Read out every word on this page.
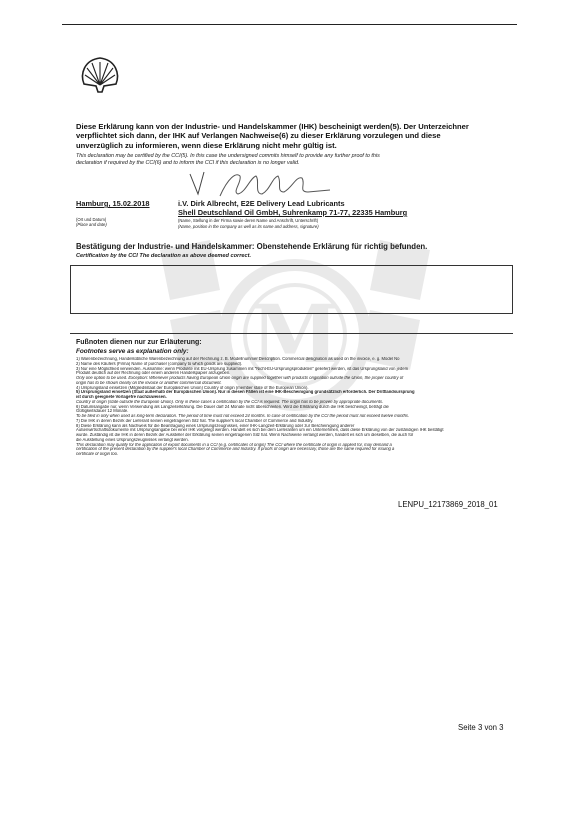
M
Diese Erklärung kann von der Industrie- und Handelskammer (IHK) bescheinigt werden(5). Der Unterzeichner
verpflichtet sich dann, der IHK auf Verlangen Nachweise(6) zu dieser Erklärung vorzulegen und diese
unverzüglich zu informieren, wenn diese Erklärung nicht mehr gültig ist.
This declaration may be certified by the CCI(5). In this case the undersigned commits himself to provide any further proof to this
declaration if required by the CCI(6) and to inform the CCI if this declaration is no longer valid.
Hamburg, 15.02.2018
(Ort und Datum)
(Place and date)
i.V. Dirk Albrecht, E2E Delivery Lead Lubricants
Shell Deutschland Oil GmbH, Suhrenkamp 71-77, 22335 Hamburg
(Name, Stellung in der Firma sowie deren Name und Anschrift, Unterschrift)
(Name, position in the company as well as its name and address, signature)
Bestätigung der Industrie- und Handelskammer: Obenstehende Erklärung für richtig befunden.
Certification by the CCI The declaration as above deemed correct.
Fußnoten dienen nur zur Erläuterung:
Footnotes serve as explanation only:
1) Warenbezeichnung, Handelsübliche Warenbezeichnung auf der Rechnung z. B. Modellnummer Description. Commercial designation as used on the invoice, e. g. Model No
2) Name des Käufers (Firma) Name of purchaser (company to which goods are supplied).
3) Nur eine Möglichkeit verwenden. Ausnahme: wenn Produkte mit EU-Ursprung zusammen mit "Nicht-EU-Ursprungsprodukten" geliefert werden, ist das Ursprungsland von jedem
Produkt deutlich auf der Rechnung oder einem anderen Handelspapier anzugeben.
Only one option to be used. Exception: Whenever products having European Union origin are supplied together with products origination outside the Union, the proper country of
origin has to be shown clearly on the invoice or another commercial document.
4) Ursprungsland einsetzen (Mitgliedsstaat der Europäischen Union) Country of origin (member state of the European Union).
5) Ursprungsland einsetzen (Staat außerhalb der Europäischen Union). Nur in diesen Fällen ist eine IHK-Bescheinigung grundsätzlich erforderlich. Der Drittlandsursprung
ist durch geeignete Vorlagefre nachzuweisen.
Country of origin (state outside the European Union). Only in these cases a certification by the CCI is required. The origin has to be proven by appropriate documents.
6) Datumsangabe nur, wenn Verwendung als Langzeiterklärung. Die Dauer darf 24 Monate nicht überschreiten. Wird die Erklärung durch die IHK bescheinigt, beträgt die
Gültigkeitsdauer 12 Monate.
To be filed in only when used as long-term declaration. The period of time must not exceed 24 months. In case of certification by the CCI the period must not exceed twelve months.
7) Die IHK in deren Bezirk der Lieferant seinen eingetragenen Sitz hat. The supplier's local Chamber of Commerce and Industry.
8) Diese Erklärung kann als Nachweis für die Beantragung eines Ursprungszeugnisses, einer IHK-Langzeit-Erklärung oder zur Bescheinigung anderer
Außenwirtschaftsdokumente mit Ursprungsangabe bei einer IHK vorgelegt werden. Handelt es sich bei dem Lieferanten um ein Unternehmen, dass diese Erklärung von der zuständigen IHK bestätigt
wurde. Zuständig ist die IHK in deren Bezirk der Aussteller der Erklärung seinen eingetragenen Sitz hat. Wenn Nachweise verlangt werden, handelt es sich um dieselben, die auch für
die Ausstellung eines Ursprungszeugnisses verlangt werden.
This declaration may qualify for the application of export documents in a CCI (e.g. certificates of origin) The CCI where the certificate of origin is applied for, may demand a
certification of the present declaration by the supplier's local Chamber of Commerce and Industry. If proofs of origin are necessary, those are the same required for issuing a
certificate of origin too.
LENPU_12173869_2018_01
Seite 3 von 3
